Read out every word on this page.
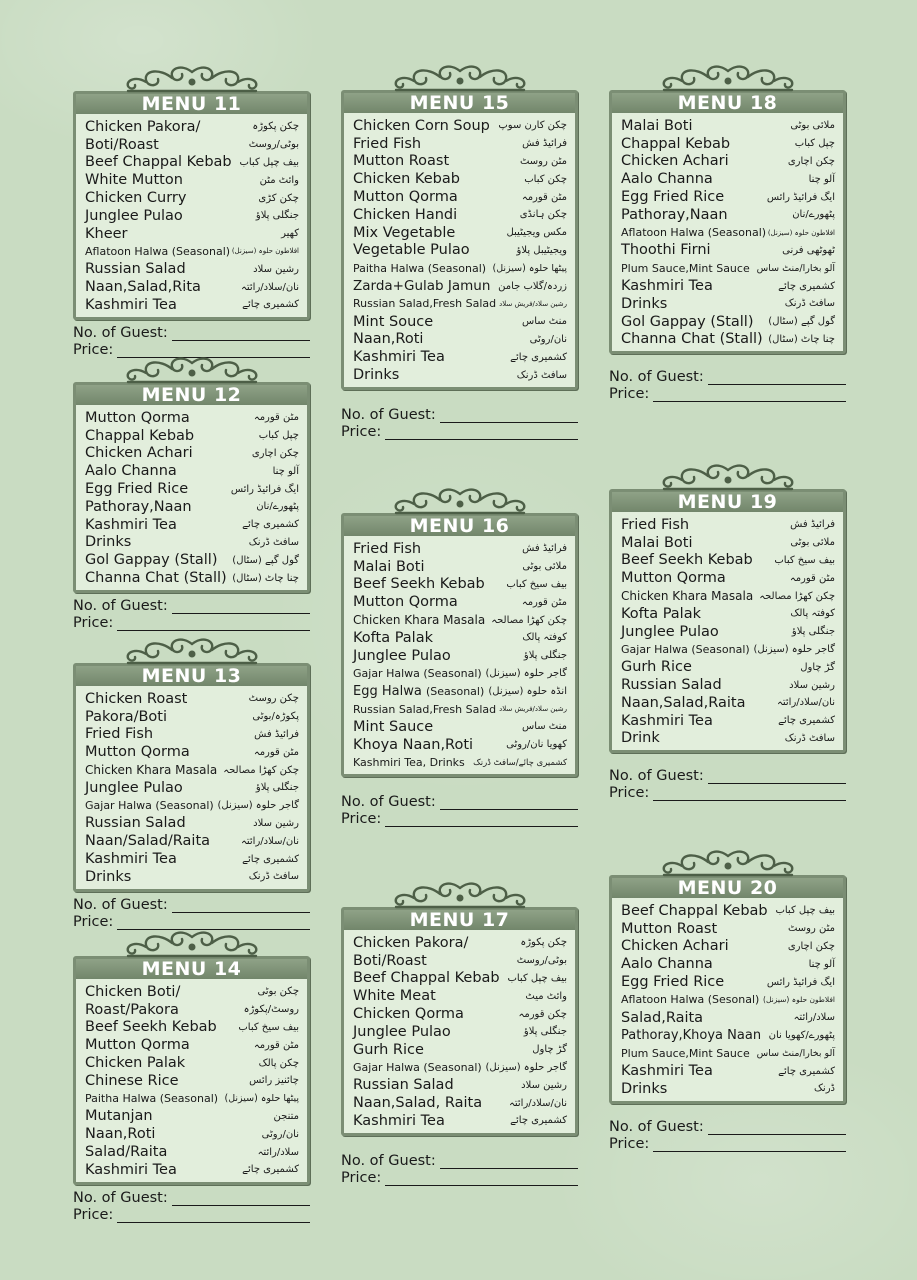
MENU 11
Chicken Pakora/	چکن پکوڑہ
Boti/Roast	بوٹی/روسٹ
Beef Chappal Kebab بیف چپل کباب
White Mutton	وائٹ مٹن
Chicken Curry	چکن کڑی
Junglee Pulao	جنگلی پلاؤ
Kheer	کھیر
Aflatoon Halwa (Seasonal) افلاطون حلوہ (سیزنل)
Russian Salad	رشین سلاد
Naan,Salad,Rita	نان/سلاد/رائتہ
Kashmiri Tea	کشمیری چائے
No. of Guest:
Price:
MENU 12
Mutton Qorma	مٹن قورمہ
Chappal Kebab	چپل کباب
Chicken Achari	چکن اچاری
Aalo Channa	آلو چنا
Egg Fried Rice	ایگ فرائیڈ رائس
Pathoray,Naan	پٹھورے/نان
Kashmiri Tea	کشمیری چائے
Drinks	سافٹ ڈرنک
Gol Gappay (Stall) گول گپے (سٹال)
Channa Chat (Stall) چنا چاٹ (سٹال)
No. of Guest:
Price:
MENU 13
Chicken Roast	چکن روسٹ
Pakora/Boti	پکوڑہ/بوٹی
Fried Fish	فرائیڈ فش
Mutton Qorma	مٹن قورمہ
Chicken Khara Masala چکن کھڑا مصالحہ
Junglee Pulao	جنگلی پلاؤ
Gajar Halwa (Seasonal) گاجر حلوہ (سیزنل)
Russian Salad	رشین سلاد
Naan/Salad/Raita	نان/سلاد/رائتہ
Kashmiri Tea	کشمیری چائے
Drinks	سافٹ ڈرنک
No. of Guest:
Price:
MENU 14
Chicken Boti/	چکن بوٹی
Roast/Pakora	روسٹ/پکوڑہ
Beef Seekh Kebab بیف سیخ کباب
Mutton Qorma	مٹن قورمہ
Chicken Palak	چکن پالک
Chinese Rice	چائنیز رائس
Paitha Halwa (Seasonal) پیٹھا حلوہ (سیزنل)
Mutanjan	متنجن
Naan,Roti	نان/روٹی
Salad/Raita	سلاد/رائتہ
Kashmiri Tea	کشمیری چائے
No. of Guest:
Price:
MENU 15
Chicken Corn Soup چکن کارن سوپ
Fried Fish	فرائیڈ فش
Mutton Roast	مٹن روسٹ
Chicken Kebab	چکن کباب
Mutton Qorma	مٹن قورمہ
Chicken Handi	چکن ہانڈی
Mix Vegetable	مکس ویجیٹیبل
Vegetable Pulao	ویجیٹیبل پلاؤ
Paitha Halwa (Seasonal) پیٹھا حلوہ (سیزنل)
Zarda+Gulab Jamun زردہ/گلاب جامن
Russian Salad,Fresh Salad رشین سلاد/فریش سلاد
Mint Souce	منٹ ساس
Naan,Roti	نان/روٹی
Kashmiri Tea	کشمیری چائے
Drinks	سافٹ ڈرنک
No. of Guest:
Price:
MENU 16
Fried Fish	فرائیڈ فش
Malai Boti	ملائی بوٹی
Beef Seekh Kebab بیف سیخ کباب
Mutton Qorma	مٹن قورمہ
Chicken Khara Masala چکن کھڑا مصالحہ
Kofta Palak	کوفتہ پالک
Junglee Pulao	جنگلی پلاؤ
Gajar Halwa (Seasonal) گاجر حلوہ (سیزنل)
Egg Halwa (Seasonal) انڈہ حلوہ (سیزنل)
Russian Salad,Fresh Salad رشین سلاد/فریش سلاد
Mint Sauce	منٹ ساس
Khoya Naan,Roti	کھویا نان/روٹی
Kashmiri Tea, Drinks کشمیری چائے/سافٹ ڈرنک
No. of Guest:
Price:
MENU 17
Chicken Pakora/	چکن پکوڑہ
Boti/Roast	بوٹی/روسٹ
Beef Chappal Kebab بیف چپل کباب
White Meat	وائٹ میٹ
Chicken Qorma	چکن قورمہ
Junglee Pulao	جنگلی پلاؤ
Gurh Rice	گڑ چاول
Gajar Halwa (Seasonal) گاجر حلوہ (سیزنل)
Russian Salad	رشین سلاد
Naan,Salad, Raita	نان/سلاد/رائتہ
Kashmiri Tea	کشمیری چائے
No. of Guest:
Price:
MENU 18
Malai Boti	ملائی بوٹی
Chappal Kebab	چپل کباب
Chicken Achari	چکن اچاری
Aalo Channa	آلو چنا
Egg Fried Rice	ایگ فرائیڈ رائس
Pathoray,Naan	پٹھورے/نان
Aflatoon Halwa (Seasonal) افلاطون حلوہ (سیزنل)
Thoothi Firni	ٹھوٹھی فرنی
Plum Sauce,Mint Sauce آلو بخارا/منٹ ساس
Kashmiri Tea	کشمیری چائے
Drinks	سافٹ ڈرنک
Gol Gappay (Stall) گول گپے (سٹال)
Channa Chat (Stall) چنا چاٹ (سٹال)
No. of Guest:
Price:
MENU 19
Fried Fish	فرائیڈ فش
Malai Boti	ملائی بوٹی
Beef Seekh Kebab بیف سیخ کباب
Mutton Qorma	مٹن قورمہ
Chicken Khara Masala چکن کھڑا مصالحہ
Kofta Palak	کوفتہ پالک
Junglee Pulao	جنگلی پلاؤ
Gajar Halwa (Seasonal) گاجر حلوہ (سیزنل)
Gurh Rice	گڑ چاول
Russian Salad	رشین سلاد
Naan,Salad,Raita	نان/سلاد/رائتہ
Kashmiri Tea	کشمیری چائے
Drink	سافٹ ڈرنک
No. of Guest:
Price:
MENU 20
Beef Chappal Kebab بیف چپل کباب
Mutton Roast	مٹن روسٹ
Chicken Achari	چکن اچاری
Aalo Channa	آلو چنا
Egg Fried Rice	ایگ فرائیڈ رائس
Aflatoon Halwa (Sesonal) افلاطون حلوہ (سیزنل)
Salad,Raita	سلاد/رائتہ
Pathoray,Khoya Naan پٹھورے/کھویا نان
Plum Sauce,Mint Sauce آلو بخارا/منٹ ساس
Kashmiri Tea	کشمیری چائے
Drinks	ڈرنک
No. of Guest:
Price:
